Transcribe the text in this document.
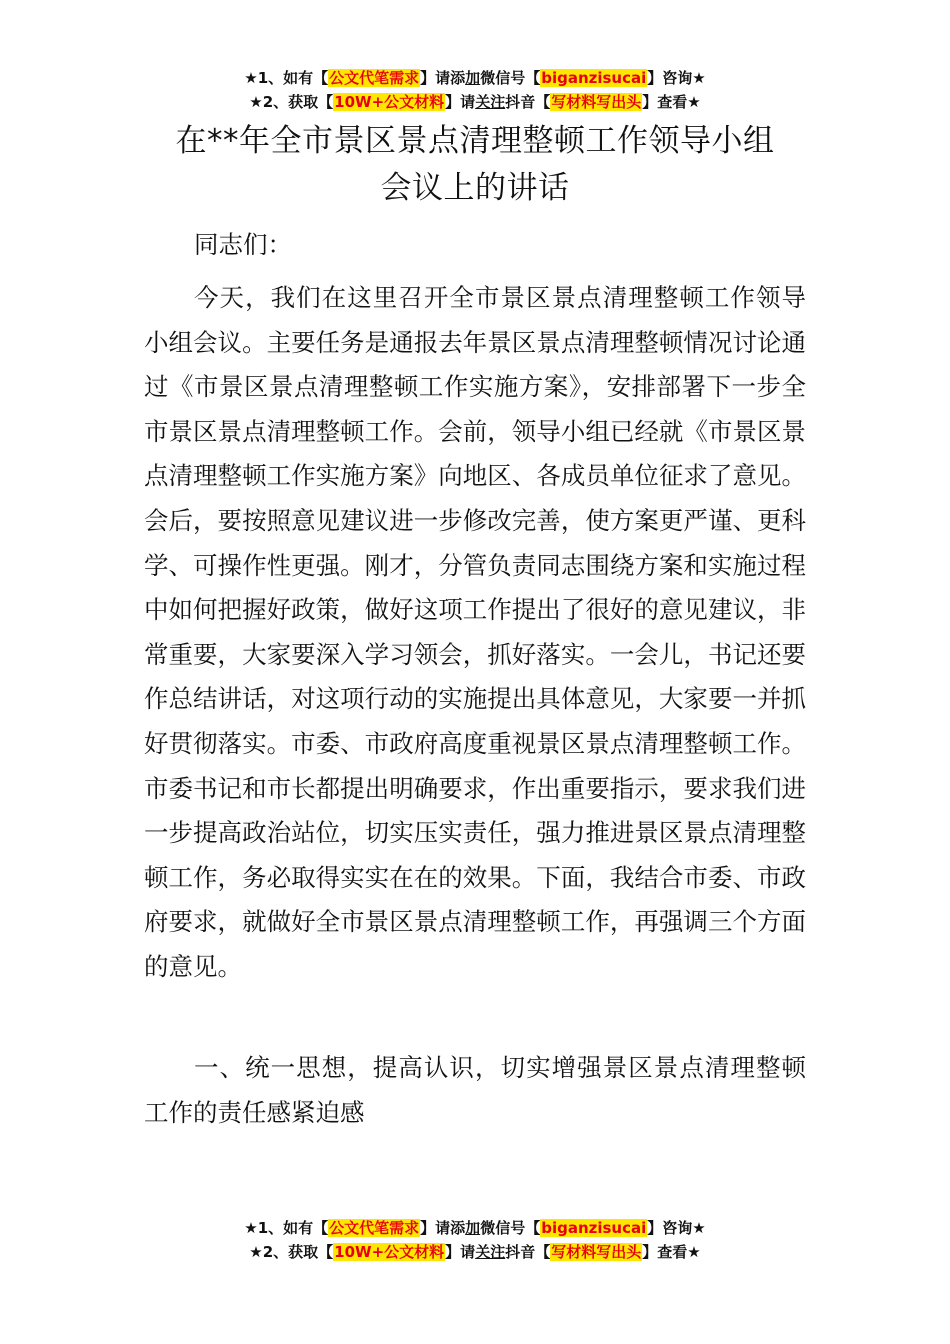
★1、如有【公文代笔需求】请添加微信号【biganzisucai】咨询★
★2、获取【10W+公文材料】请关注抖音【写材料写出头】查看★
在**年全市景区景点清理整顿工作领导小组
会议上的讲话
同志们：
今天，我们在这里召开全市景区景点清理整顿工作领导小组会议。主要任务是通报去年景区景点清理整顿情况讨论通过《市景区景点清理整顿工作实施方案》，安排部署下一步全市景区景点清理整顿工作。会前，领导小组已经就《市景区景点清理整顿工作实施方案》向地区、各成员单位征求了意见。会后，要按照意见建议进一步修改完善，使方案更严谨、更科学、可操作性更强。刚才，分管负责同志围绕方案和实施过程中如何把握好政策，做好这项工作提出了很好的意见建议，非常重要，大家要深入学习领会，抓好落实。一会儿，书记还要作总结讲话，对这项行动的实施提出具体意见，大家要一并抓好贯彻落实。市委、市政府高度重视景区景点清理整顿工作。市委书记和市长都提出明确要求，作出重要指示，要求我们进一步提高政治站位，切实压实责任，强力推进景区景点清理整顿工作，务必取得实实在在的效果。下面，我结合市委、市政府要求，就做好全市景区景点清理整顿工作，再强调三个方面的意见。
一、统一思想，提高认识，切实增强景区景点清理整顿工作的责任感紧迫感
★1、如有【公文代笔需求】请添加微信号【biganzisucai】咨询★
★2、获取【10W+公文材料】请关注抖音【写材料写出头】查看★
